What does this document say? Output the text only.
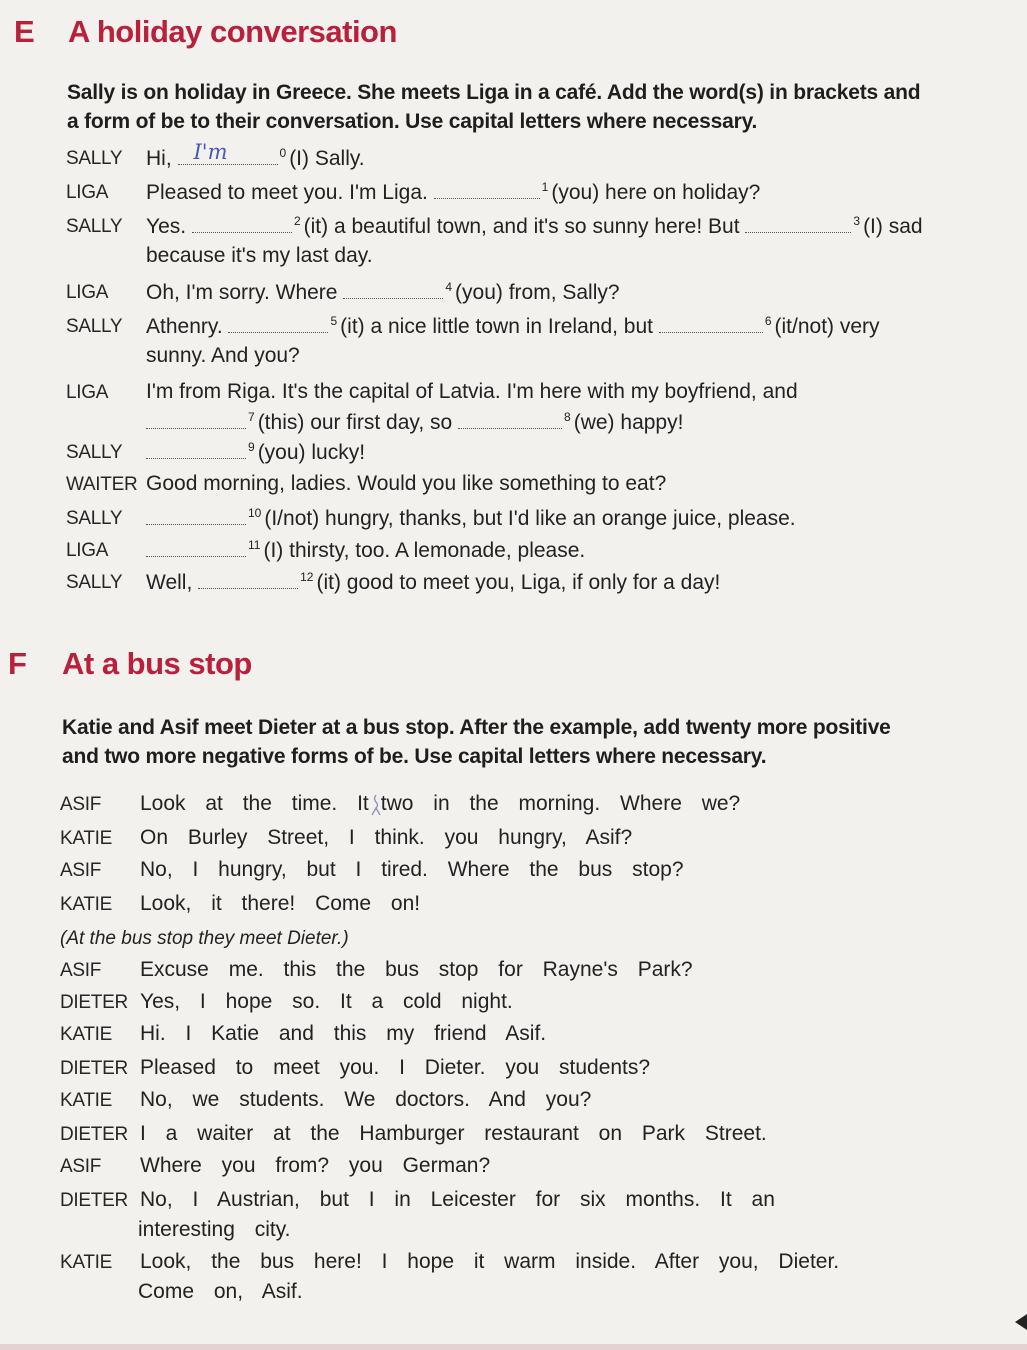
E A holiday conversation

Sally is on holiday in Greece. She meets Liga in a café. Add the word(s) in brackets and

a form of be to their conversation. Use capital letters where necessary.

SALLY Hi, I'm	$^0$ (I) Sally.
LIGA Pleased to meet you. I'm Liga.	$^1$ (you) here on holiday?
SALLY Yes.	$^2$ (it) a beautiful town, and it's so sunny here! But	$^3$ (I) sad
because it's my last day.
LIGA Oh, I'm sorry. Where	$^4$ (you) from, Sally?
SALLY Athenry.	$^5$ (it) a nice little town in Ireland, but	$^6$ (it/not) very
sunny. And you?
LIGA I'm from Riga. It's the capital of Latvia. I'm here with my boyfriend, and
$^7$ (this) our first day, so	$^8$ (we) happy!
SALLY	$^9$ (you) lucky!
WAITER Good morning, ladies. Would you like something to eat?
SALLY	$^{10}$ (I/not) hungry, thanks, but I'd like an orange juice, please.
LIGA	$^{11}$ (I) thirsty, too. A lemonade, please.
SALLY Well,	$^{12}$ (it) good to meet you, Liga, if only for a day!
F At a bus stop

Katie and Asif meet Dieter at a bus stop. After the example, add twenty more positive

and two more negative forms of be. Use capital letters where necessary.

ASIF Look at the time. It two in the morning. Where we?
KATIE On Burley Street, I think. you hungry, Asif?
ASIF No, I hungry, but I tired. Where the bus stop?
KATIE Look, it there! Come on!
(At the bus stop they meet Dieter.)
ASIF Excuse me. this the bus stop for Rayne's Park?
DIETER Yes, I hope so. It a cold night.
KATIE Hi. I Katie and this my friend Asif.
DIETER Pleased to meet you. I Dieter. you students?
KATIE No, we students. We doctors. And you?
DIETER I a waiter at the Hamburger restaurant on Park Street.
ASIF Where you from? you German?
DIETER No, I Austrian, but I in Leicester for six months. It an
interesting city.
KATIE Look, the bus here! I hope it warm inside. After you, Dieter.
Come on, Asif.
